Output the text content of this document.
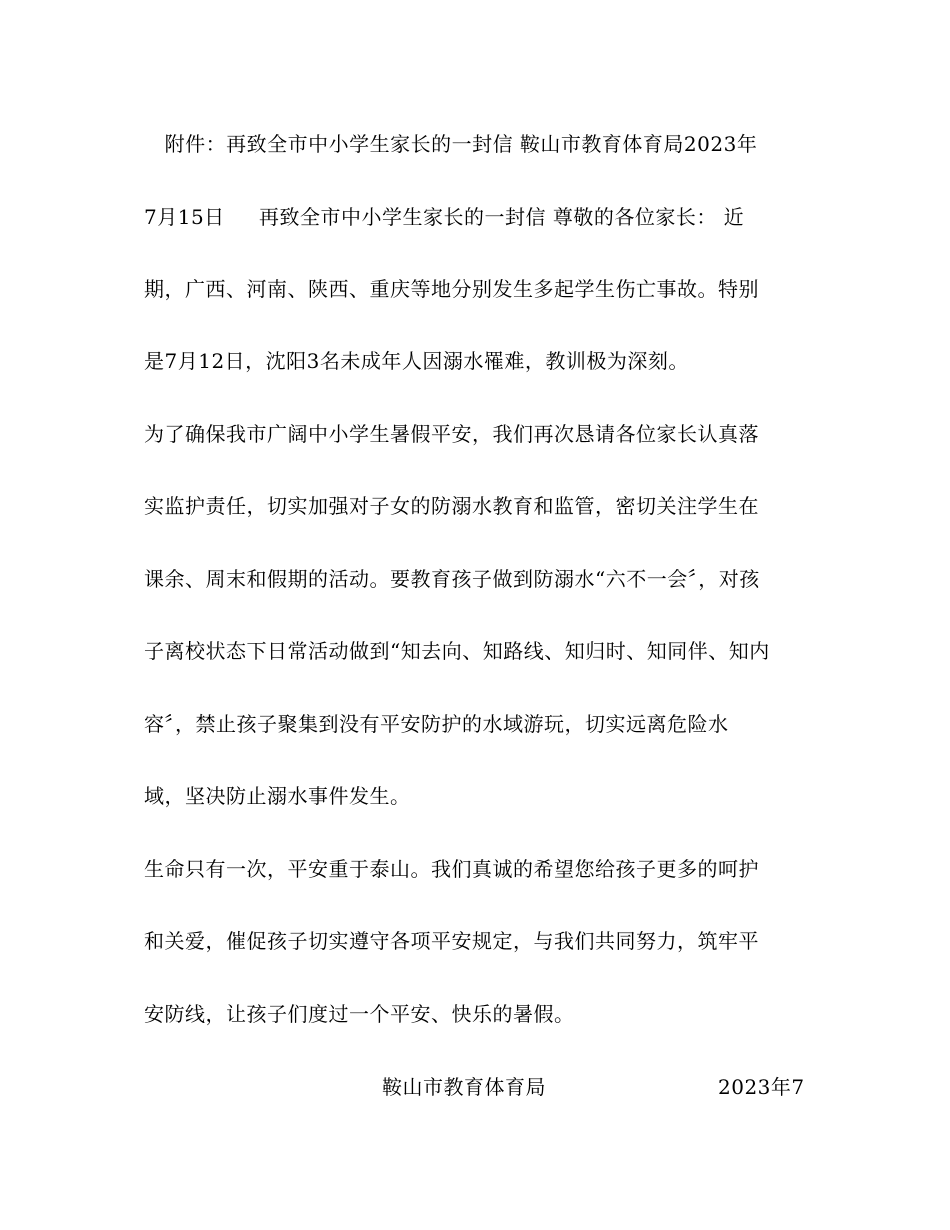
附件：再致全市中小学生家长的一封信 鞍山市教育体育局2023年
7月15日     再致全市中小学生家长的一封信 尊敬的各位家长： 近
期，广西、河南、陕西、重庆等地分别发生多起学生伤亡事故。特别
是7月12日，沈阳3名未成年人因溺水罹难，教训极为深刻。
为了确保我市广阔中小学生暑假平安，我们再次恳请各位家长认真落
实监护责任，切实加强对子女的防溺水教育和监管，密切关注学生在
课余、周末和假期的活动。要教育孩子做到防溺水“六不一会〞，对孩
子离校状态下日常活动做到“知去向、知路线、知归时、知同伴、知内
容〞，禁止孩子聚集到没有平安防护的水域游玩，切实远离危险水
域，坚决防止溺水事件发生。
生命只有一次，平安重于泰山。我们真诚的希望您给孩子更多的呵护
和关爱，催促孩子切实遵守各项平安规定，与我们共同努力，筑牢平
安防线，让孩子们度过一个平安、快乐的暑假。
鞍山市教育体育局	2023年7
